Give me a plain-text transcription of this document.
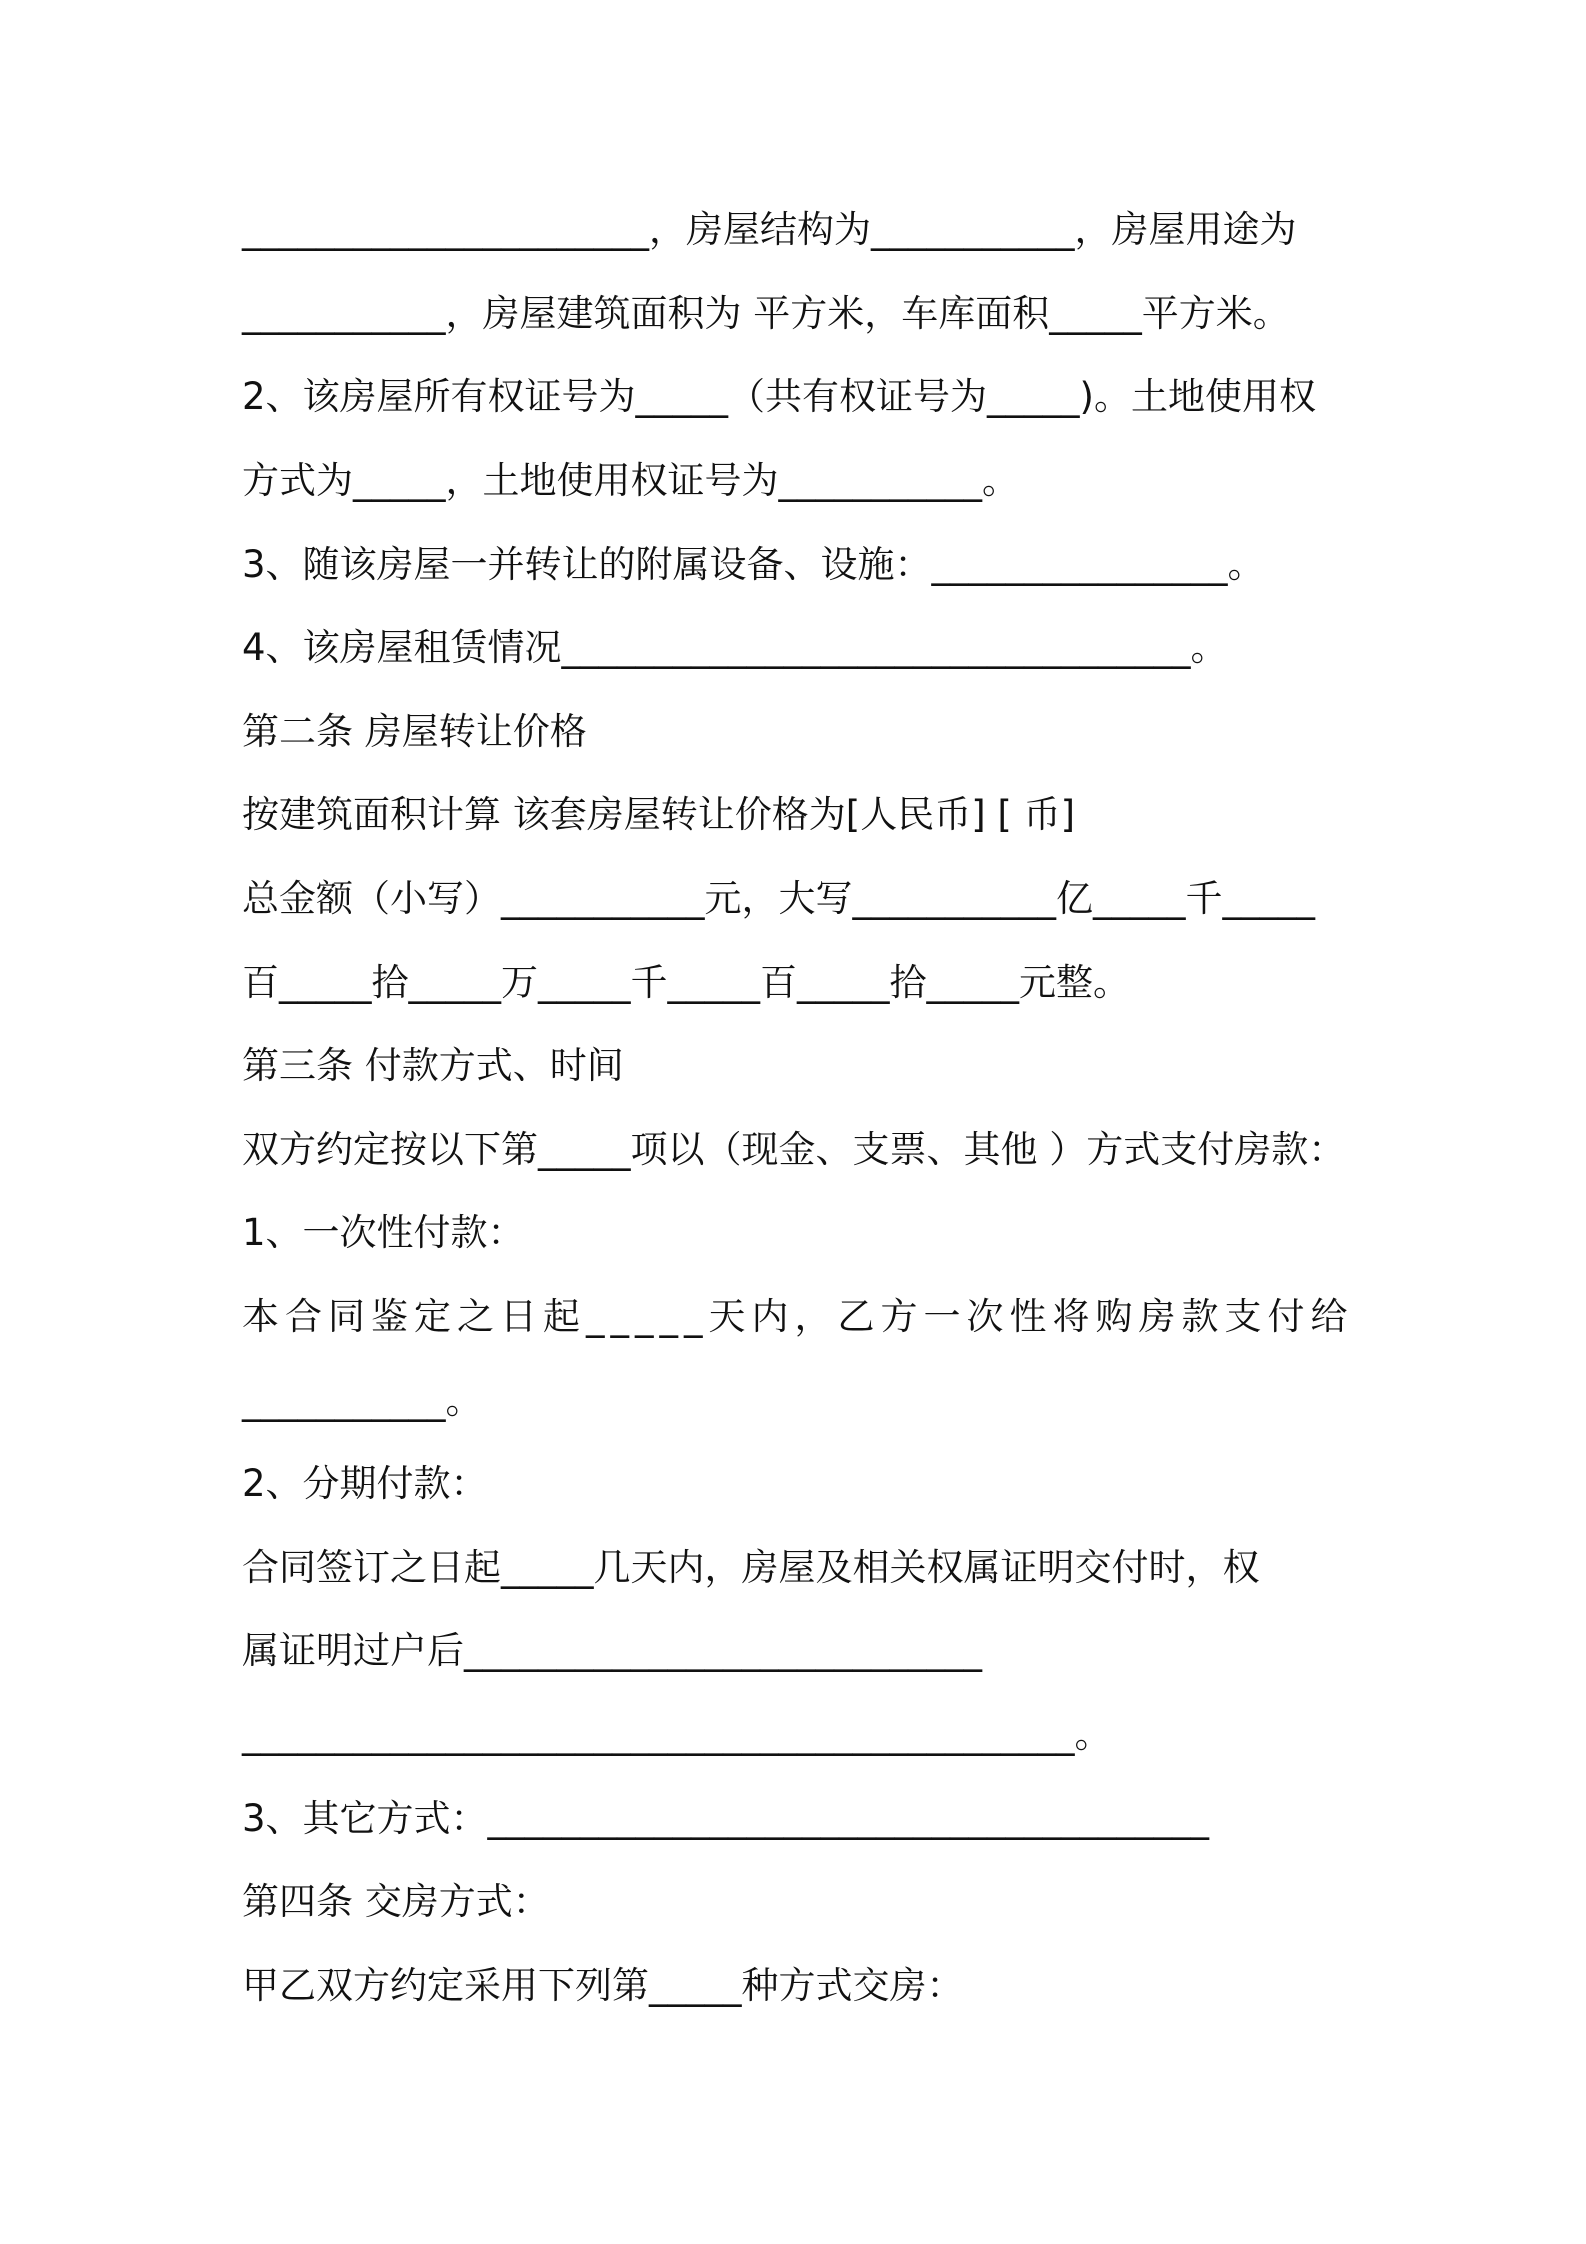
______________________，房屋结构为___________，房屋用途为
___________，房屋建筑面积为 平方米，车库面积_____平方米。
2、该房屋所有权证号为_____（共有权证号为_____)。土地使用权
方式为_____，土地使用权证号为___________。
3、随该房屋一并转让的附属设备、设施：________________。
4、该房屋租赁情况__________________________________。
第二条 房屋转让价格
按建筑面积计算 该套房屋转让价格为[人民币] [ 币]
总金额（小写）___________元，大写___________亿_____千_____
百_____拾_____万_____千_____百_____拾_____元整。
第三条 付款方式、时间
双方约定按以下第_____项以（现金、支票、其他 ）方式支付房款：
1、一次性付款：
本合同鉴定之日起_____天内，乙方一次性将购房款支付给
___________。
2、分期付款：
合同签订之日起_____几天内，房屋及相关权属证明交付时，权
属证明过户后____________________________
_____________________________________________。
3、其它方式：_______________________________________
第四条 交房方式：
甲乙双方约定采用下列第_____种方式交房：
